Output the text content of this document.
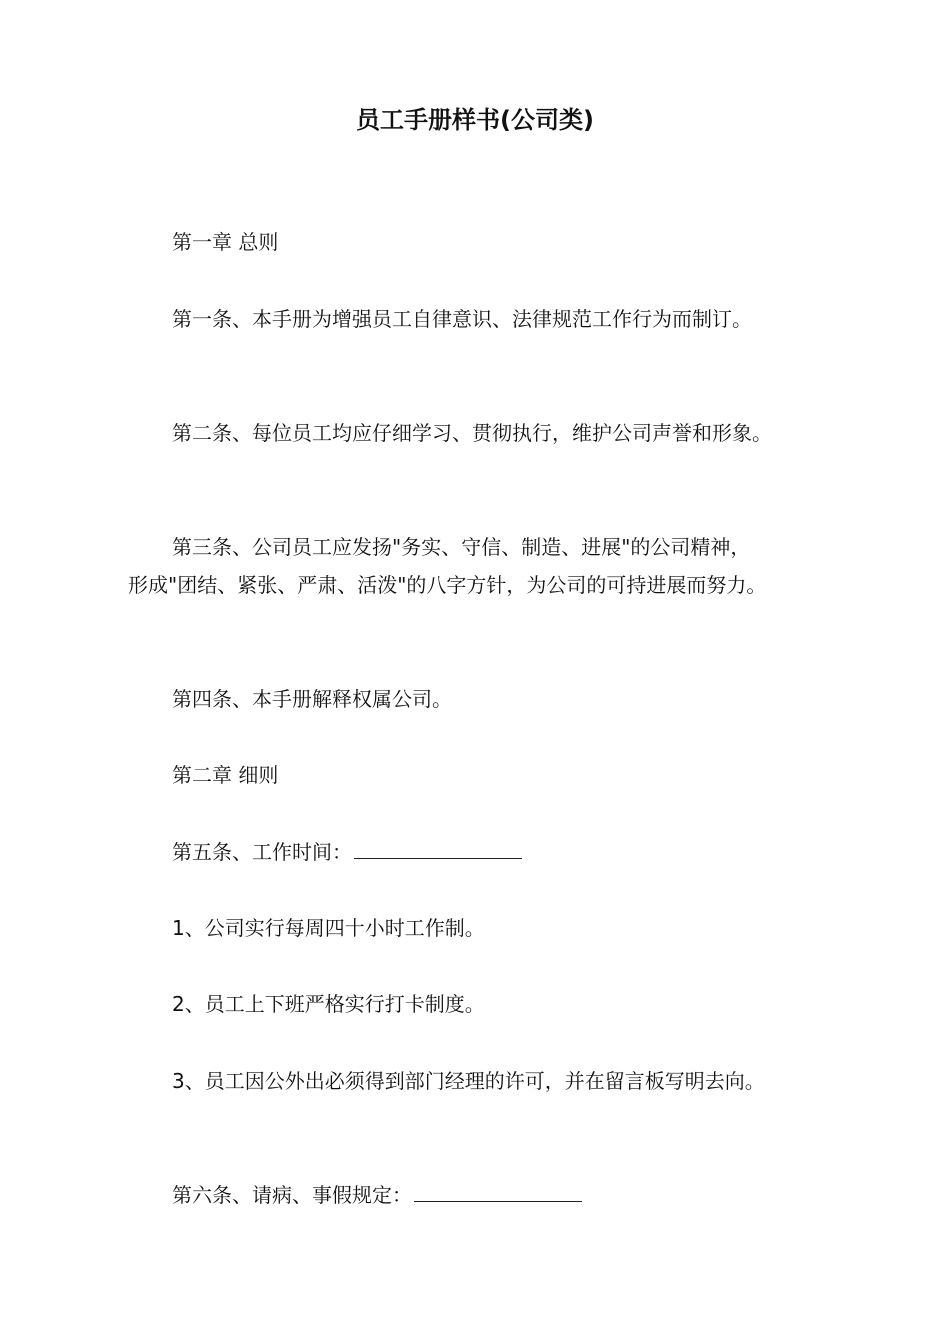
员工手册样书(公司类)
第一章 总则
第一条、本手册为增强员工自律意识、法律规范工作行为而制订。
第二条、每位员工均应仔细学习、贯彻执行，维护公司声誉和形象。
第三条、公司员工应发扬"务实、守信、制造、进展"的公司精神，
形成"团结、紧张、严肃、活泼"的八字方针，为公司的可持进展而努力。
第四条、本手册解释权属公司。
第二章 细则
第五条、工作时间：
1、公司实行每周四十小时工作制。
2、员工上下班严格实行打卡制度。
3、员工因公外出必须得到部门经理的许可，并在留言板写明去向。
第六条、请病、事假规定：
